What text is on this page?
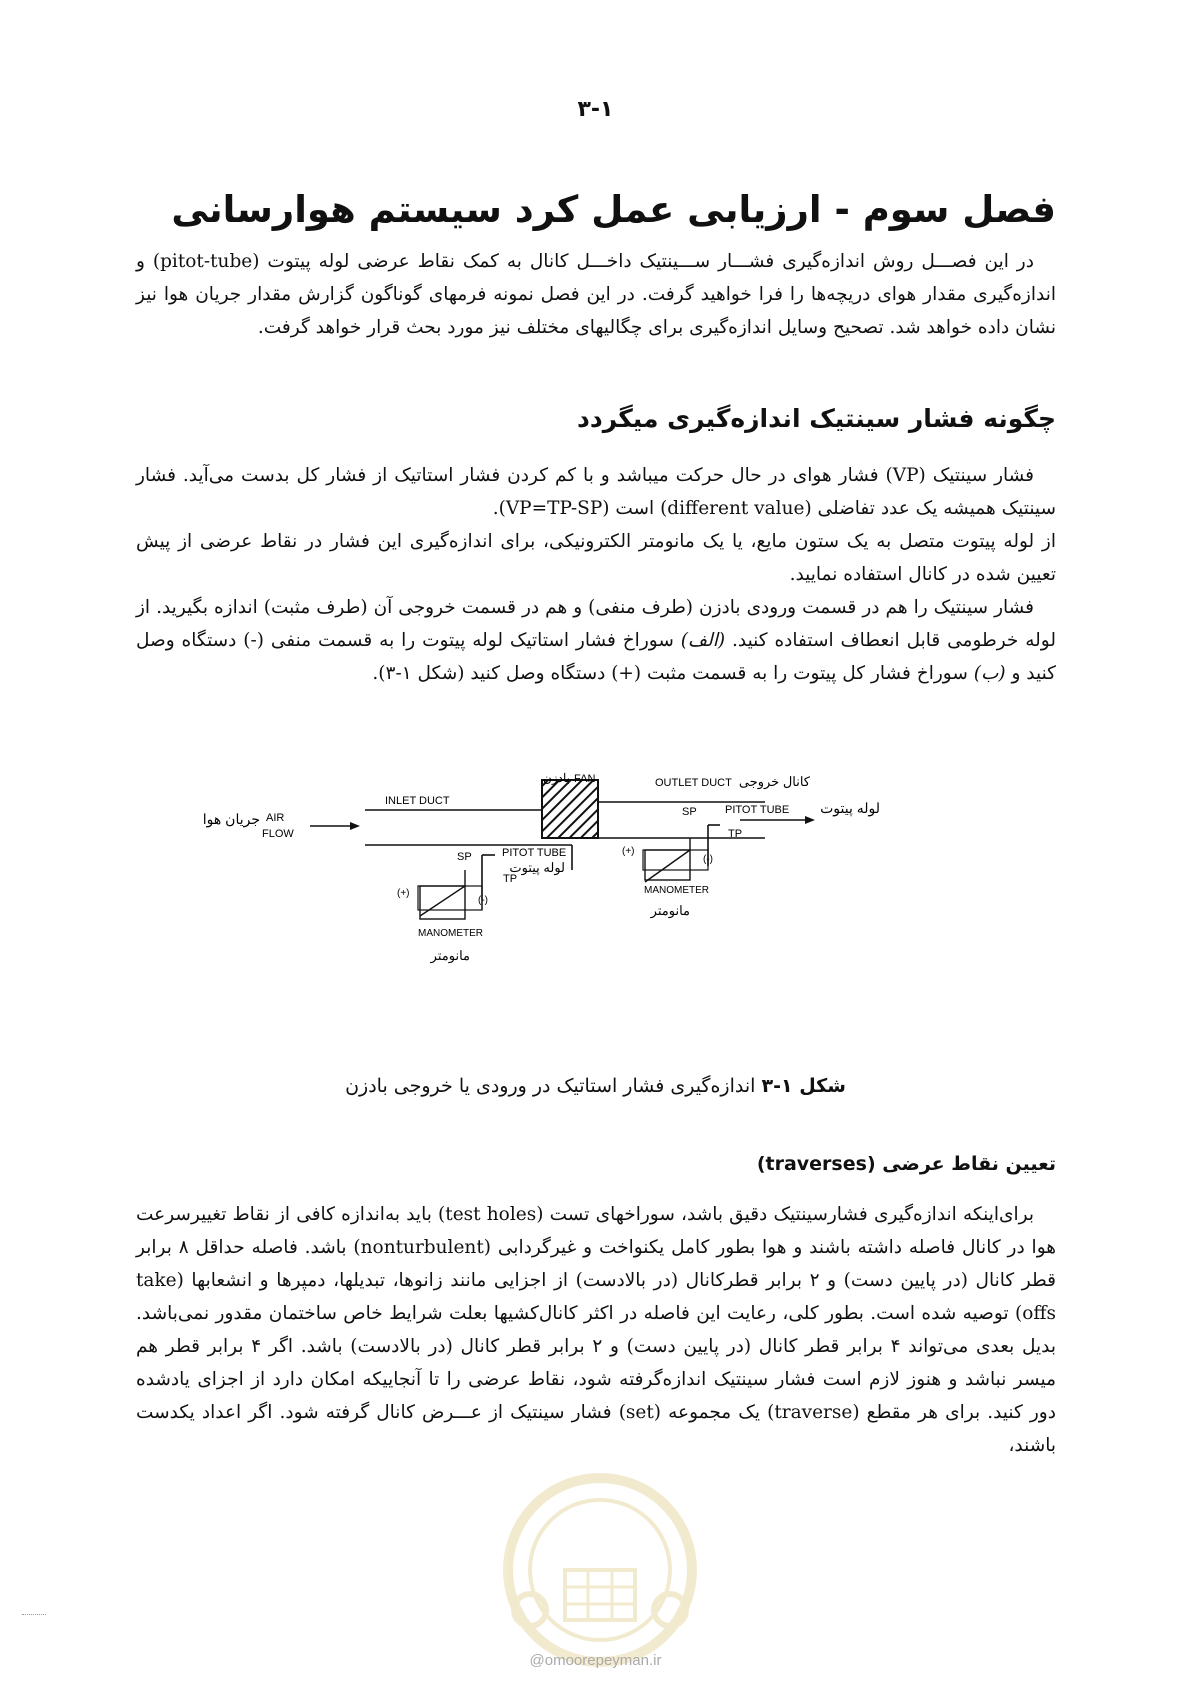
۳-۱
فصل سوم - ارزیابی عمل کرد سیستم هوارسانی

در این فصـــل روش اندازه‌گیری فشـــار ســـینتیک داخـــل کانال به کمک نقاط عرضی لوله پیتوت (pitot-tube) و اندازه‌گیری مقدار هوای دریچه‌ها را فرا خواهید گرفت. در این فصل نمونه فرمهای گوناگون گزارش مقدار جریان هوا نیز نشان داده خواهد شد. تصحیح وسایل اندازه‌گیری برای چگالیهای مختلف نیز مورد بحث قرار خواهد گرفت.

چگونه فشار سینتیک اندازه‌گیری میگردد

فشار سینتیک (VP) فشار هوای در حال حرکت میباشد و با کم کردن فشار استاتیک از فشار کل بدست می‌آید. فشار سینتیک همیشه یک عدد تفاضلی (different value) است (VP=TP-SP).

از لوله پیتوت متصل به یک ستون مایع، یا یک مانومتر الکترونیکی، برای اندازه‌گیری این فشار در نقاط عرضی از پیش تعیین شده در کانال استفاده نمایید.

فشار سینتیک را هم در قسمت ورودی بادزن (طرف منفی) و هم در قسمت خروجی آن (طرف مثبت) اندازه بگیرید. از لوله خرطومی قابل انعطاف استفاده کنید. (الف) سوراخ فشار استاتیک لوله پیتوت را به قسمت منفی (-) دستگاه وصل کنید و (ب) سوراخ فشار کل پیتوت را به قسمت مثبت (+) دستگاه وصل کنید (شکل ۱-۳).

بادزن FAN	OUTLET DUCT کانال خروجی
INLET DUCT
AIR
FLOW
جریان هوا
PITOT TUBE
لوله پیتوت
SP
TP
(+)
(-)
MANOMETER
مانومتر
PITOT TUBE لوله پیتوت
SP
TP
(+)
(-)
MANOMETER
مانومتر

شکل ۱-۳ اندازه‌گیری فشار استاتیک در ورودی یا خروجی بادزن

تعیین نقاط عرضی (traverses)

برای‌اینکه اندازه‌گیری فشارسینتیک دقیق باشد، سوراخهای تست (test holes) باید به‌اندازه کافی از نقاط تغییرسرعت هوا در کانال فاصله داشته باشند و هوا بطور کامل یکنواخت و غیرگردابی (nonturbulent) باشد. فاصله حداقل ۸ برابر قطر کانال (در پایین دست) و ۲ برابر قطرکانال (در بالادست) از اجزایی مانند زانوها، تبدیلها، دمپرها و انشعابها (take offs) توصیه شده است. بطور کلی، رعایت این فاصله در اکثر کانال‌کشیها بعلت شرایط خاص ساختمان مقدور نمی‌باشد. بدیل بعدی می‌تواند ۴ برابر قطر کانال (در پایین دست) و ۲ برابر قطر کانال (در بالادست) باشد. اگر ۴ برابر قطر هم میسر نباشد و هنوز لازم است فشار سینتیک اندازه‌گرفته شود، نقاط عرضی را تا آنجاییکه امکان دارد از اجزای یادشده دور کنید. برای هر مقطع (traverse) یک مجموعه (set) فشار سینتیک از عـــرض کانال گرفته شود. اگر اعداد یکدست باشند،

@omoorepeyman.ir
